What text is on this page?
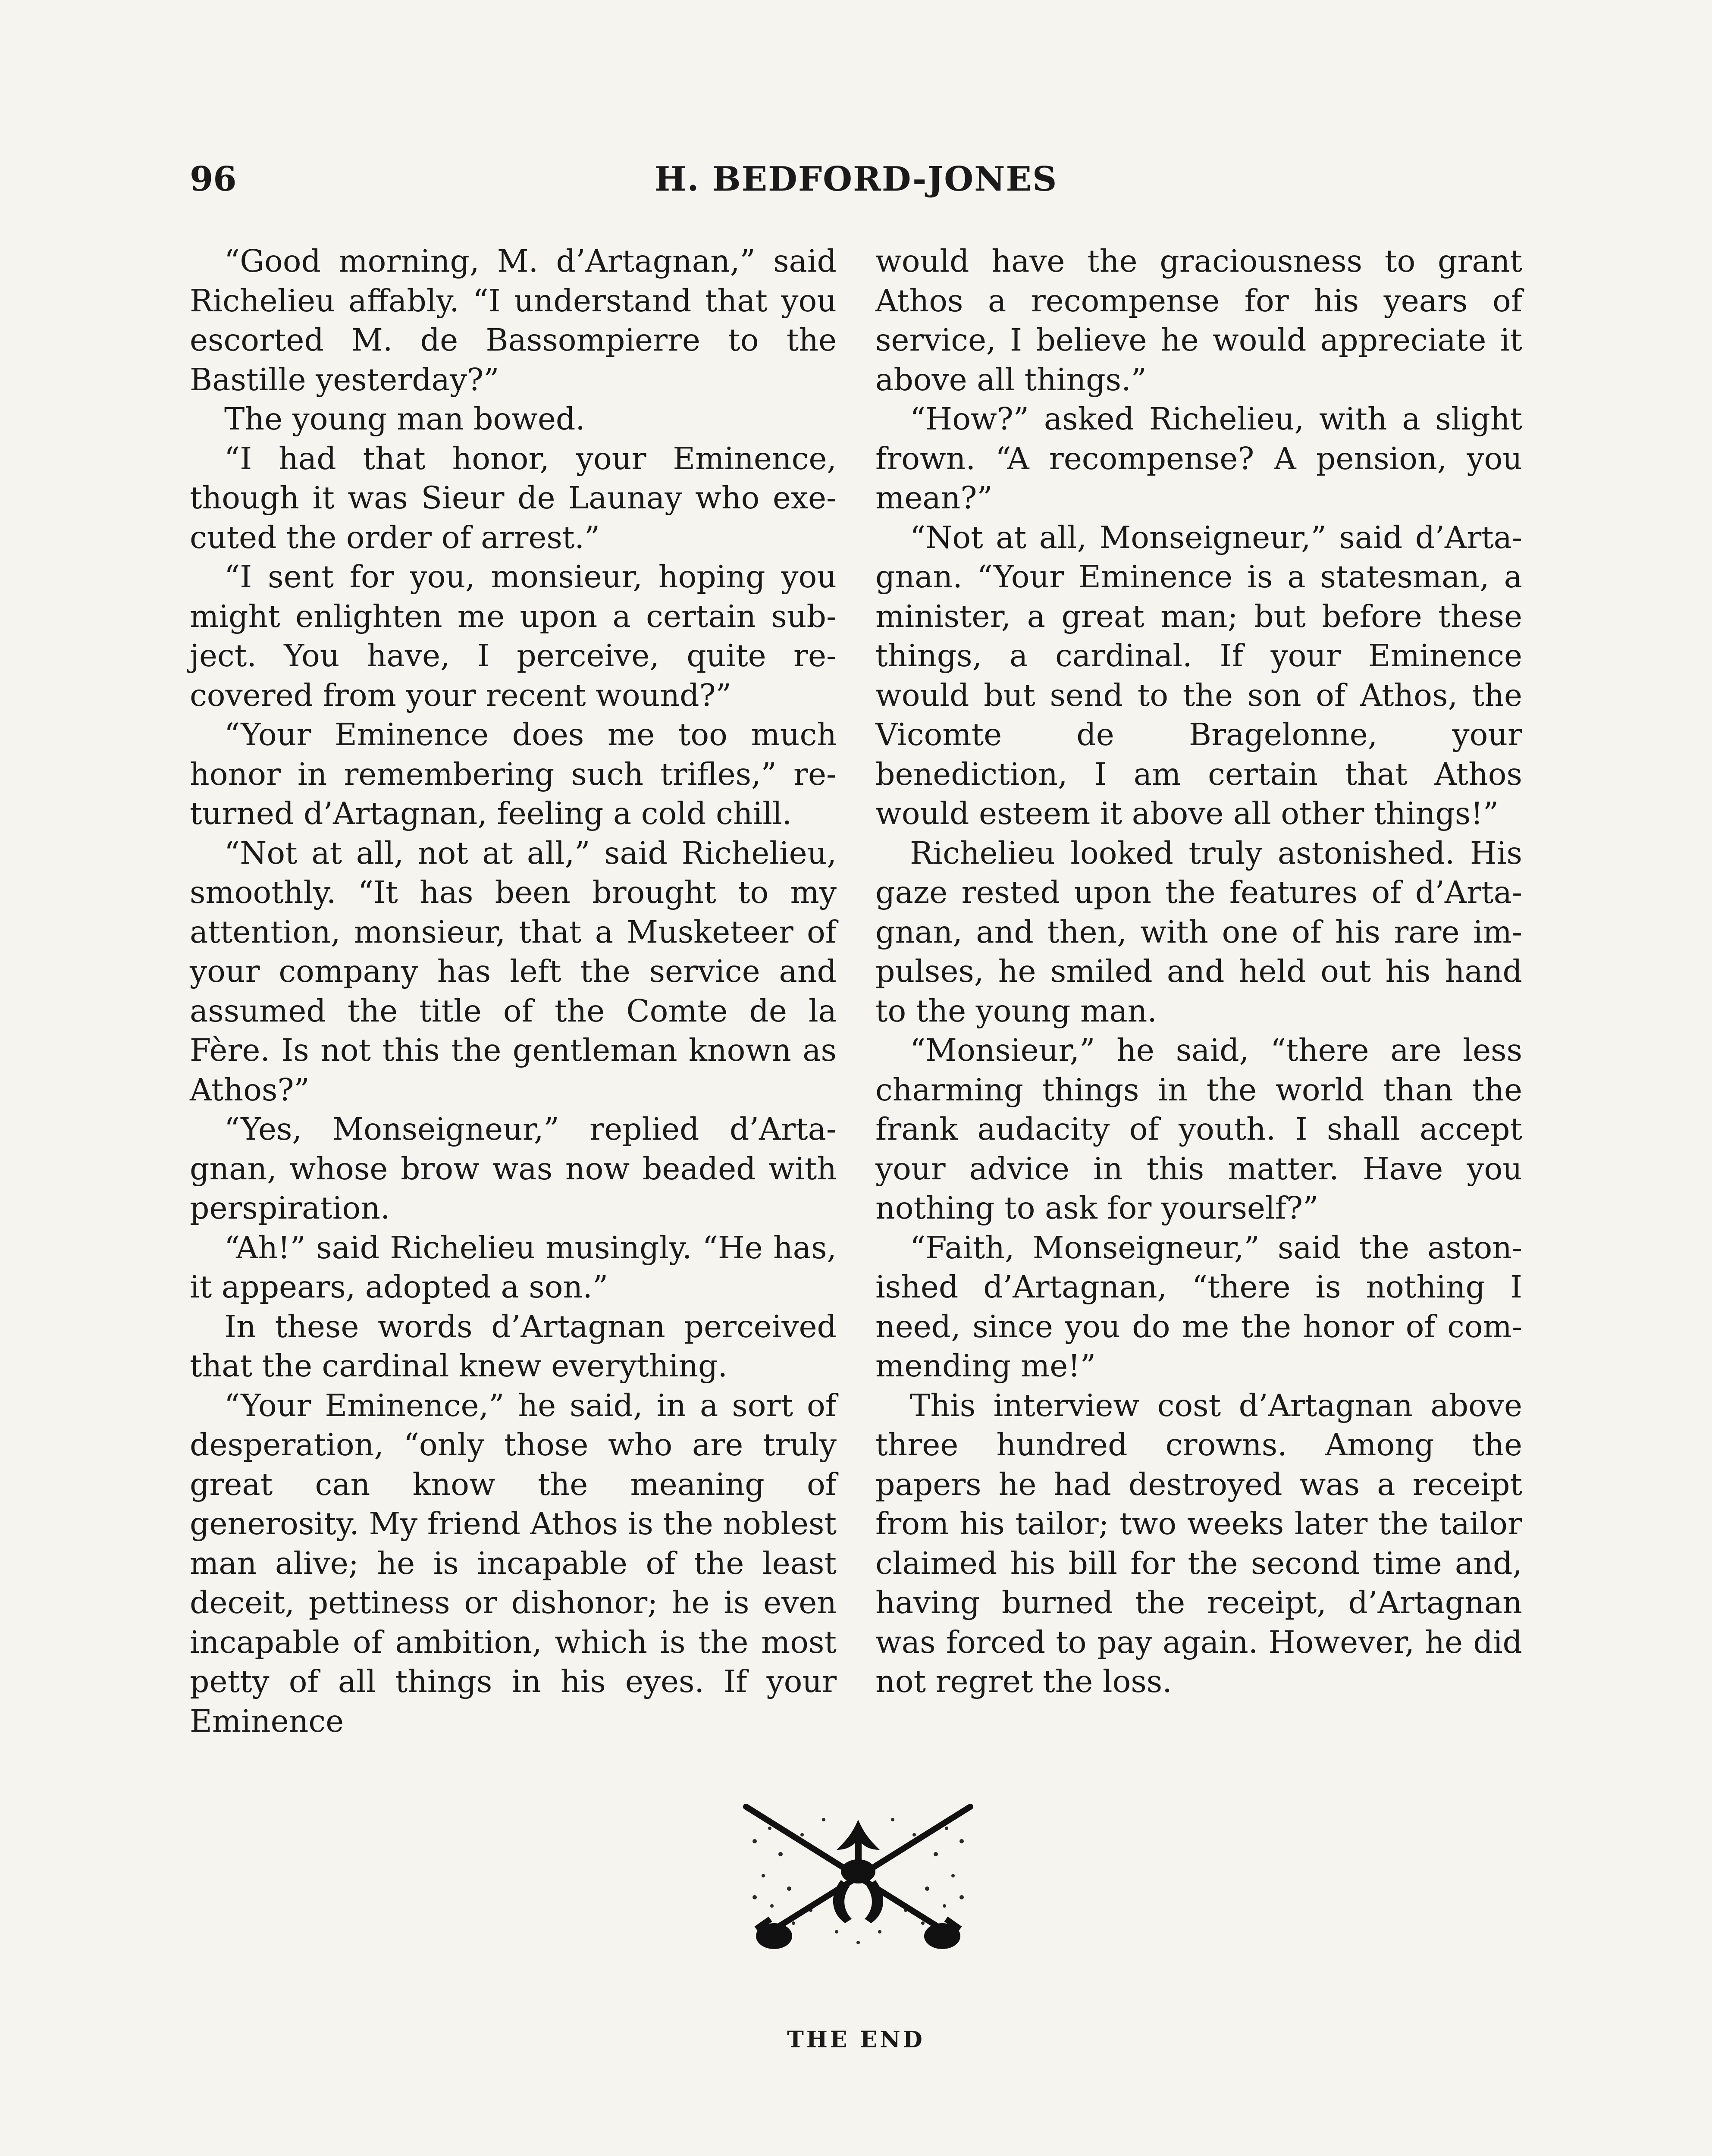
96	H. BEDFORD-JONES

“Good morning, M. d’Artagnan,” said Richelieu affably. “I understand that you escorted M. de Bassompierre to the Bastille yesterday?”

The young man bowed.

“I had that honor, your Eminence, though it was Sieur de Launay who executed the order of arrest.”

“I sent for you, monsieur, hoping you might enlighten me upon a certain subject. You have, I perceive, quite recovered from your recent wound?”

“Your Eminence does me too much honor in remembering such trifles,” returned d’Artagnan, feeling a cold chill.

“Not at all, not at all,” said Richelieu, smoothly. “It has been brought to my attention, monsieur, that a Musketeer of your company has left the service and assumed the title of the Comte de la Fère. Is not this the gentleman known as Athos?”

“Yes, Monseigneur,” replied d’Artagnan, whose brow was now beaded with perspiration.

“Ah!” said Richelieu musingly. “He has, it appears, adopted a son.”

In these words d’Artagnan perceived that the cardinal knew everything.

“Your Eminence,” he said, in a sort of desperation, “only those who are truly great can know the meaning of generosity. My friend Athos is the noblest man alive; he is incapable of the least deceit, pettiness or dishonor; he is even incapable of ambition, which is the most petty of all things in his eyes. If your Eminence

would have the graciousness to grant Athos a recompense for his years of service, I believe he would appreciate it above all things.”

“How?” asked Richelieu, with a slight frown. “A recompense? A pension, you mean?”

“Not at all, Monseigneur,” said d’Artagnan. “Your Eminence is a statesman, a minister, a great man; but before these things, a cardinal. If your Eminence would but send to the son of Athos, the Vicomte de Bragelonne, your benediction, I am certain that Athos would esteem it above all other things!”

Richelieu looked truly astonished. His gaze rested upon the features of d’Artagnan, and then, with one of his rare impulses, he smiled and held out his hand to the young man.

“Monsieur,” he said, “there are less charming things in the world than the frank audacity of youth. I shall accept your advice in this matter. Have you nothing to ask for yourself?”

“Faith, Monseigneur,” said the astonished d’Artagnan, “there is nothing I need, since you do me the honor of commending me!”

This interview cost d’Artagnan above three hundred crowns. Among the papers he had destroyed was a receipt from his tailor; two weeks later the tailor claimed his bill for the second time and, having burned the receipt, d’Artagnan was forced to pay again. However, he did not regret the loss.

THE END
